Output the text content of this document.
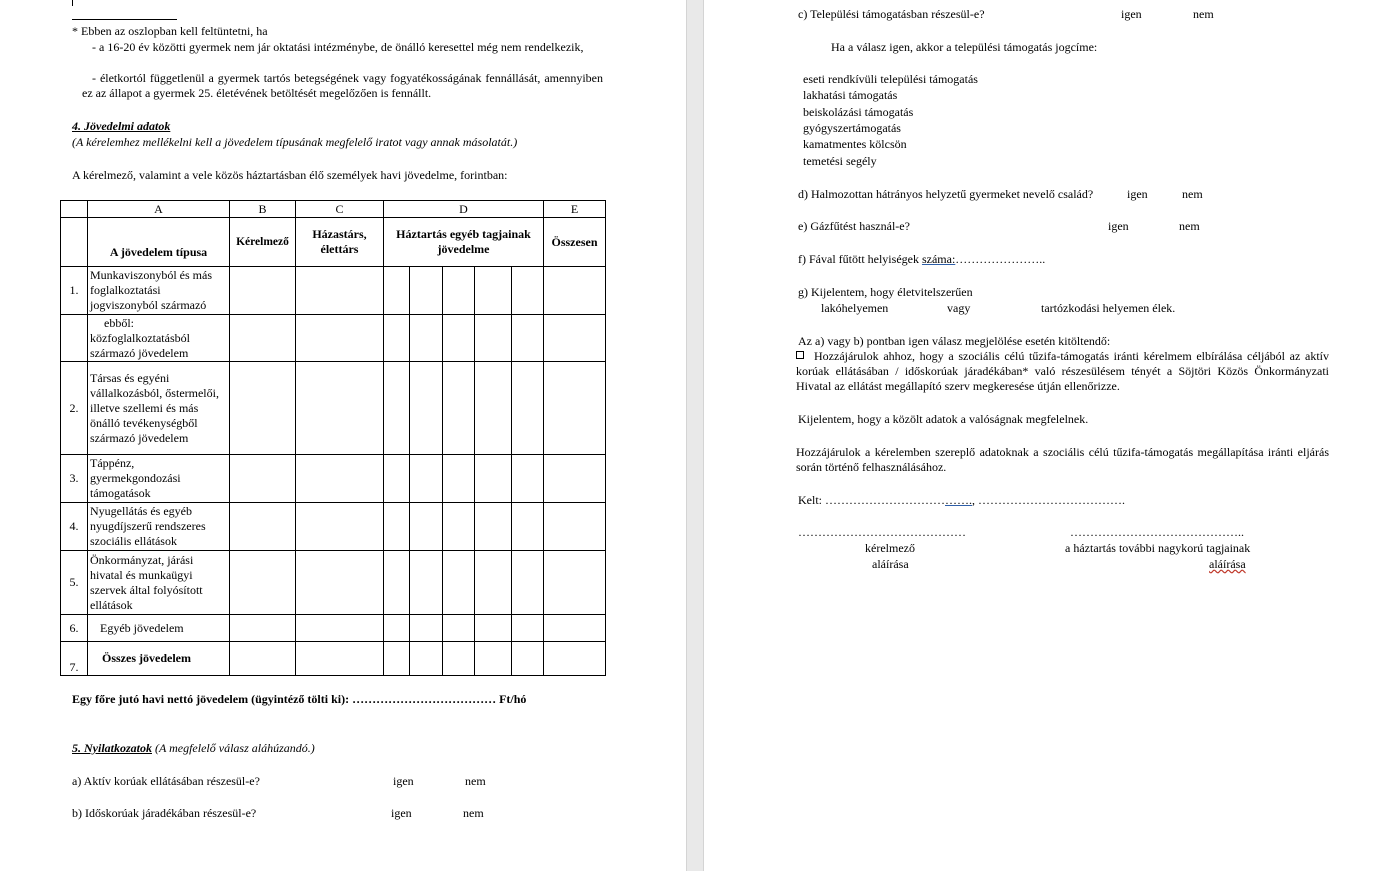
* Ebben az oszlopban kell feltüntetni, ha
- a 16-20 év közötti gyermek nem jár oktatási intézménybe, de önálló keresettel még nem rendelkezik,
- életkortól függetlenül a gyermek tartós betegségének vagy fogyatékosságának fennállását, amennyiben ez az állapot a gyermek 25. életévének betöltését megelőzően is fennállt.
4. Jövedelmi adatok
(A kérelemhez mellékelni kell a jövedelem típusának megfelelő iratot vagy annak másolatát.)
A kérelmező, valamint a vele közös háztartásban élő személyek havi jövedelme, forintban:
	A	B	C	D					E
	A jövedelem típusa	Kérelmező	Házastárs, élettárs	Háztartás egyéb tagjainak jövedelme					Összesen
1.	Munkaviszonyból és más foglalkoztatási jogviszonyból származó								
	ebből: közfoglalkoztatásból származó jövedelem								
2.	Társas és egyéni vállalkozásból, őstermelői, illetve szellemi és más önálló tevékenységből származó jövedelem								
3.	Táppénz, gyermekgondozási támogatások								
4.	Nyugellátás és egyéb nyugdíjszerű rendszeres szociális ellátások								
5.	Önkormányzat, járási hivatal és munkaügyi szervek által folyósított ellátások								
6.	Egyéb jövedelem								
7.	Összes jövedelem								
Egy főre jutó havi nettó jövedelem (ügyintéző tölti ki): ……………………………… Ft/hó
5. Nyilatkozatok (A megfelelő válasz aláhúzandó.)
a) Aktív korúak ellátásában részesül-e?	igen	nem
b) Időskorúak járadékában részesül-e?	igen	nem
c) Települési támogatásban részesül-e?	igen	nem
Ha a válasz igen, akkor a települési támogatás jogcíme:
eseti rendkívüli települési támogatás
lakhatási támogatás
beiskolázási támogatás
gyógyszertámogatás
kamatmentes kölcsön
temetési segély
d) Halmozottan hátrányos helyzetű gyermeket nevelő család?	igen	nem
e) Gázfűtést használ-e?	igen	nem
f) Fával fűtött helyiségek száma:…………………..
g) Kijelentem, hogy életvitelszerűen
lakóhelyemen	vagy	tartózkodási helyemen élek.
Az a) vagy b) pontban igen válasz megjelölése esetén kitöltendő:
Hozzájárulok ahhoz, hogy a szociális célú tűzifa-támogatás iránti kérelmem elbírálása céljából az aktív korúak ellátásában / időskorúak járadékában* való részesülésem tényét a Söjtöri Közös Önkormányzati Hivatal az ellátást megállapító szerv megkeresése útján ellenőrizze.
Kijelentem, hogy a közölt adatok a valóságnak megfelelnek.
Hozzájárulok a kérelemben szereplő adatoknak a szociális célú tűzifa-támogatás megállapítása iránti eljárás során történő felhasználásához.
Kelt: ………………………………., ……………………………….
……………………………………	……………………………………..
kérelmező
aláírása
a háztartás további nagykorú tagjainak
aláírása
